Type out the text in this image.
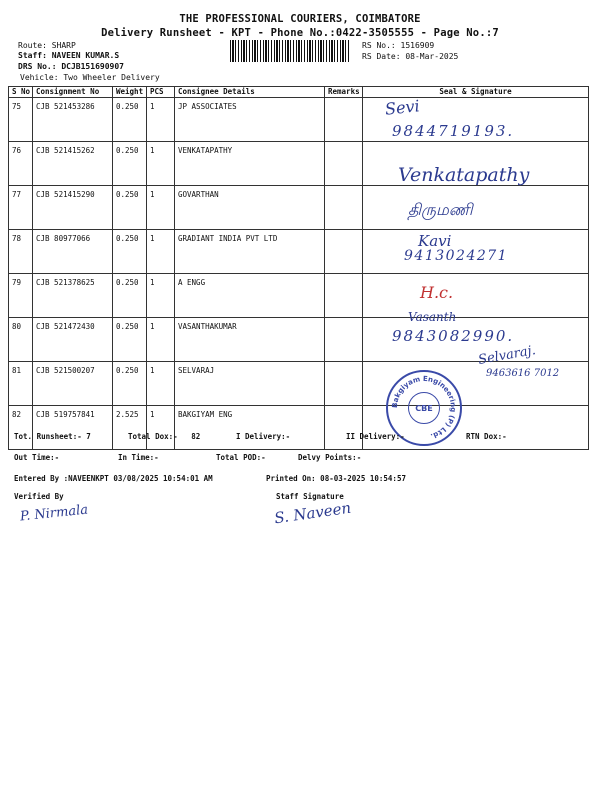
THE PROFESSIONAL COURIERS, COIMBATORE
Delivery Runsheet - KPT - Phone No.:0422-3505555 - Page No.:7
Route: SHARP
Staff: NAVEEN KUMAR.S
DRS No.: DCJB151690907
Vehicle: Two Wheeler Delivery
RS No.: 1516909
RS Date: 08-Mar-2025
S No	Consignment No	Weight	PCS	Consignee Details	Remarks	Seal & Signature
75	CJB 521453286	0.250	1	JP ASSOCIATES		
76	CJB 521415262	0.250	1	VENKATAPATHY		
77	CJB 521415290	0.250	1	GOVARTHAN		
78	CJB 80977066	0.250	1	GRADIANT INDIA PVT LTD		
79	CJB 521378625	0.250	1	A ENGG		
80	CJB 521472430	0.250	1	VASANTHAKUMAR		
81	CJB 521500207	0.250	1	SELVARAJ		
82	CJB 519757841	2.525	1	BAKGIYAM ENG		
Sevi
9844719193.
Venkatapathy
திருமணி
Kavi
9413024271
H.c.
Vasanth
9843082990.
Selvaraj.
9463616 7012
Bakgiyam Engineering (P) Ltd.
CBE
Tot. Runsheet:- 7	Total Dox:-   82	I Delivery:-	II Delivery:-	RTN Dox:-
Out Time:-	In Time:-	Total POD:-	Delvy Points:-
Entered By :NAVEENKPT 03/08/2025 10:54:01 AM	Printed On: 08-03-2025 10:54:57
Verified By	Staff Signature
P. Nirmala	S. Naveen
